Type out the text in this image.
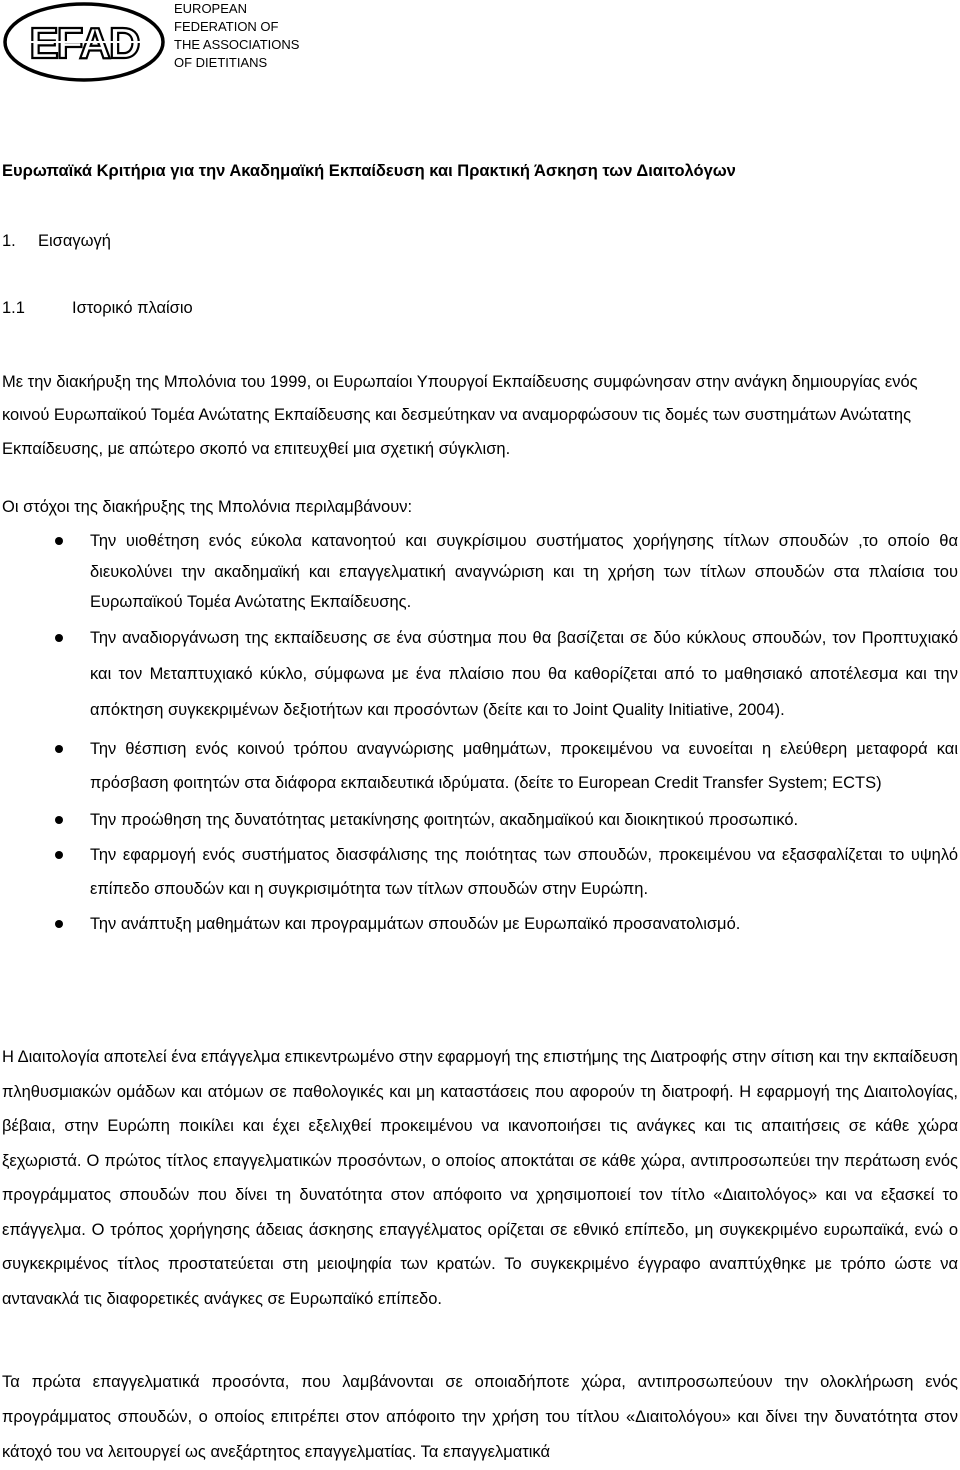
EFAD
EUROPEAN
FEDERATION OF
THE ASSOCIATIONS
OF DIETITIANS
Ευρωπαϊκά Κριτήρια για την Ακαδημαϊκή Εκπαίδευση και Πρακτική Άσκηση των Διαιτολόγων
1. Εισαγωγή
1.1	Ιστορικό πλαίσιο

Με την διακήρυξη της Μπολόνια του 1999, οι Ευρωπαίοι Υπουργοί Εκπαίδευσης συμφώνησαν στην ανάγκη δημιουργίας ενός κοινού Ευρωπαϊκού Τομέα Ανώτατης Εκπαίδευσης και δεσμεύτηκαν να αναμορφώσουν τις δομές των συστημάτων Ανώτατης Εκπαίδευσης, με απώτερο σκοπό να επιτευχθεί μια σχετική σύγκλιση.

Οι στόχοι της διακήρυξης της Μπολόνια περιλαμβάνουν:
Την υιοθέτηση ενός εύκολα κατανοητού και συγκρίσιμου συστήματος χορήγησης τίτλων σπουδών ,το οποίο θα διευκολύνει την ακαδημαϊκή και επαγγελματική αναγνώριση και τη χρήση των τίτλων σπουδών στα πλαίσια του Ευρωπαϊκού Τομέα Ανώτατης Εκπαίδευσης.
Την αναδιοργάνωση της εκπαίδευσης σε ένα σύστημα που θα βασίζεται σε δύο κύκλους σπουδών, τον Προπτυχιακό και τον Μεταπτυχιακό κύκλο, σύμφωνα με ένα πλαίσιο που θα καθορίζεται από το μαθησιακό αποτέλεσμα και την απόκτηση συγκεκριμένων δεξιοτήτων και προσόντων (δείτε και το Joint Quality Initiative, 2004).
Την θέσπιση ενός κοινού τρόπου αναγνώρισης μαθημάτων, προκειμένου να ευνοείται η ελεύθερη μεταφορά και πρόσβαση φοιτητών στα διάφορα εκπαιδευτικά ιδρύματα. (δείτε το European Credit Transfer System; ECTS)
Την προώθηση της δυνατότητας μετακίνησης φοιτητών, ακαδημαϊκού και διοικητικού προσωπικό.
Την εφαρμογή ενός συστήματος διασφάλισης της ποιότητας των σπουδών, προκειμένου να εξασφαλίζεται το υψηλό επίπεδο σπουδών και η συγκρισιμότητα των τίτλων σπουδών στην Ευρώπη.
Την ανάπτυξη μαθημάτων και προγραμμάτων σπουδών με Ευρωπαϊκό προσανατολισμό.

Η Διαιτολογία αποτελεί ένα επάγγελμα επικεντρωμένο στην εφαρμογή της επιστήμης της Διατροφής στην σίτιση και την εκπαίδευση πληθυσμιακών ομάδων και ατόμων σε παθολογικές και μη καταστάσεις που αφορούν τη διατροφή. Η εφαρμογή της Διαιτολογίας, βέβαια, στην Ευρώπη ποικίλει και έχει εξελιχθεί προκειμένου να ικανοποιήσει τις ανάγκες και τις απαιτήσεις σε κάθε χώρα ξεχωριστά. Ο πρώτος τίτλος επαγγελματικών προσόντων, ο οποίος αποκτάται σε κάθε χώρα, αντιπροσωπεύει την περάτωση ενός προγράμματος σπουδών που δίνει τη δυνατότητα στον απόφοιτο να χρησιμοποιεί τον τίτλο «Διαιτολόγος» και να εξασκεί το επάγγελμα. Ο τρόπος χορήγησης άδειας άσκησης επαγγέλματος ορίζεται σε εθνικό επίπεδο, μη συγκεκριμένο ευρωπαϊκά, ενώ ο συγκεκριμένος τίτλος προστατεύεται στη μειοψηφία των κρατών. Το συγκεκριμένο έγγραφο αναπτύχθηκε με τρόπο ώστε να αντανακλά τις διαφορετικές ανάγκες σε Ευρωπαϊκό επίπεδο.

Τα πρώτα επαγγελματικά προσόντα, που λαμβάνονται σε οποιαδήποτε χώρα, αντιπροσωπεύουν την ολοκλήρωση ενός προγράμματος σπουδών, ο οποίος επιτρέπει στον απόφοιτο την χρήση του τίτλου «Διαιτολόγου» και δίνει την δυνατότητα στον κάτοχό του να λειτουργεί ως ανεξάρτητος επαγγελματίας. Τα επαγγελματικά
